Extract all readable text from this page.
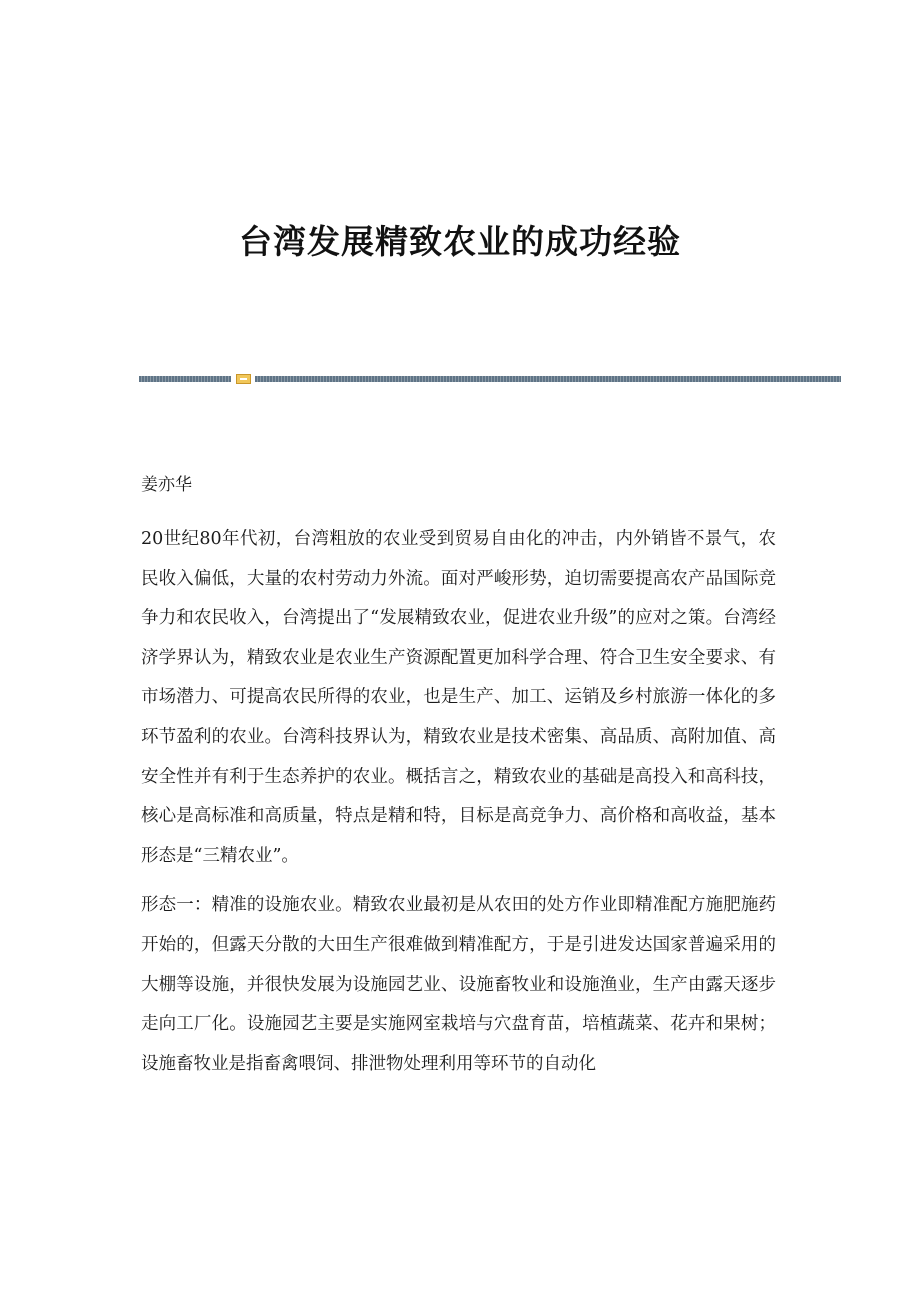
台湾发展精致农业的成功经验

姜亦华

20世纪80年代初，台湾粗放的农业受到贸易自由化的冲击，内外销皆不景气，农民收入偏低，大量的农村劳动力外流。面对严峻形势，迫切需要提高农产品国际竞争力和农民收入，台湾提出了“发展精致农业，促进农业升级”的应对之策。台湾经济学界认为，精致农业是农业生产资源配置更加科学合理、符合卫生安全要求、有市场潜力、可提高农民所得的农业，也是生产、加工、运销及乡村旅游一体化的多环节盈利的农业。台湾科技界认为，精致农业是技术密集、高品质、高附加值、高安全性并有利于生态养护的农业。概括言之，精致农业的基础是高投入和高科技，核心是高标准和高质量，特点是精和特，目标是高竞争力、高价格和高收益，基本形态是“三精农业”。

形态一：精准的设施农业。精致农业最初是从农田的处方作业即精准配方施肥施药开始的，但露天分散的大田生产很难做到精准配方，于是引进发达国家普遍采用的大棚等设施，并很快发展为设施园艺业、设施畜牧业和设施渔业，生产由露天逐步走向工厂化。设施园艺主要是实施网室栽培与穴盘育苗，培植蔬菜、花卉和果树；设施畜牧业是指畜禽喂饲、排泄物处理利用等环节的自动化
